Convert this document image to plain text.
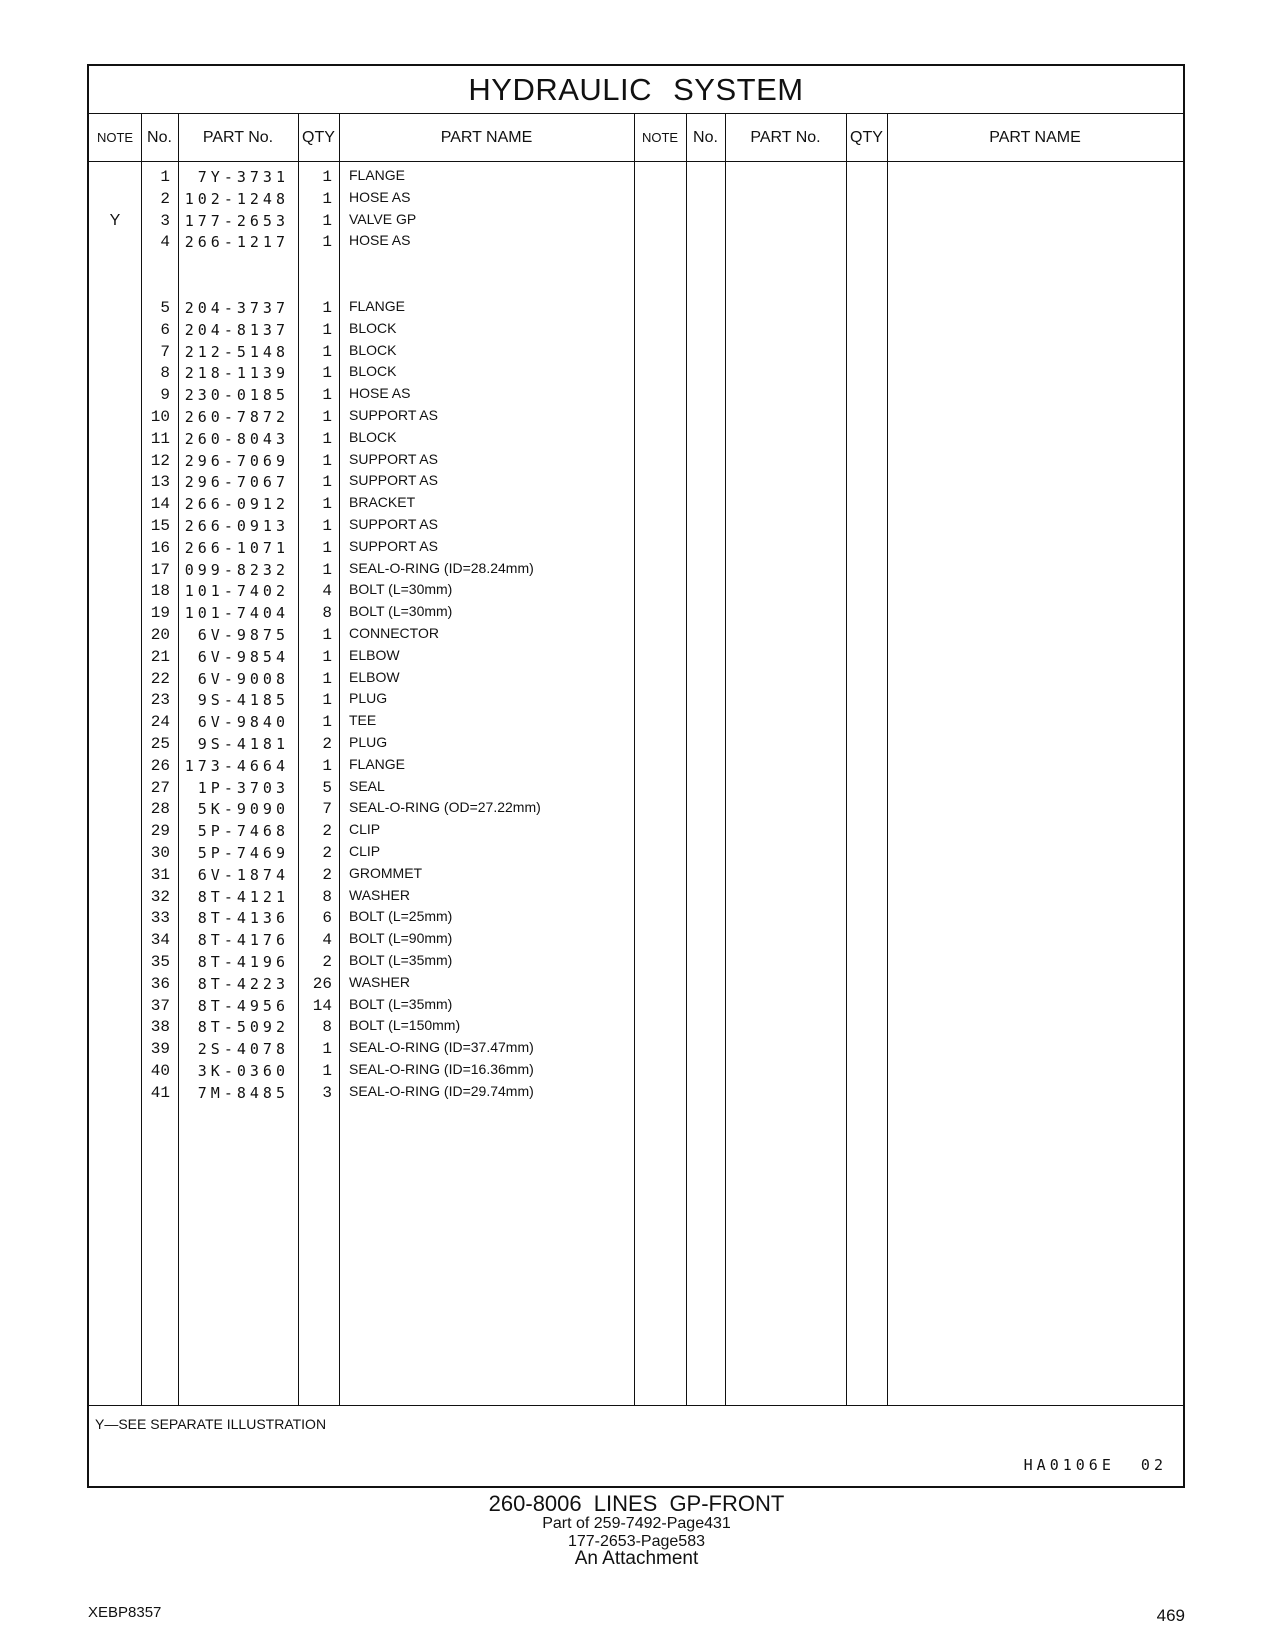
HYDRAULIC SYSTEM
NOTE No.	PART No.	QTY	PART NAME	NOTE No.	PART No.	QTY	PART NAME
1	7Y-3731	1 FLANGE
2 102-1248	1 HOSE AS
Y	3 177-2653	1 VALVE GP
4 266-1217	1 HOSE AS
5 204-3737	1 FLANGE
6 204-8137	1 BLOCK
7 212-5148	1 BLOCK
8 218-1139	1 BLOCK
9 230-0185	1 HOSE AS
10 260-7872	1 SUPPORT AS
11 260-8043	1 BLOCK
12 296-7069	1 SUPPORT AS
13 296-7067	1 SUPPORT AS
14 266-0912	1 BRACKET
15 266-0913	1 SUPPORT AS
16 266-1071	1 SUPPORT AS
17 099-8232	1 SEAL-O-RING (ID=28.24mm)
18 101-7402	4 BOLT (L=30mm)
19 101-7404	8 BOLT (L=30mm)
20	6V-9875	1 CONNECTOR
21	6V-9854	1 ELBOW
22	6V-9008	1 ELBOW
23	9S-4185	1 PLUG
24	6V-9840	1 TEE
25	9S-4181	2 PLUG
26 173-4664	1 FLANGE
27	1P-3703	5 SEAL
28	5K-9090	7 SEAL-O-RING (OD=27.22mm)
29	5P-7468	2 CLIP
30	5P-7469	2 CLIP
31	6V-1874	2 GROMMET
32	8T-4121	8 WASHER
33	8T-4136	6 BOLT (L=25mm)
34	8T-4176	4 BOLT (L=90mm)
35	8T-4196	2 BOLT (L=35mm)
36	8T-4223	26 WASHER
37	8T-4956	14 BOLT (L=35mm)
38	8T-5092	8 BOLT (L=150mm)
39	2S-4078	1 SEAL-O-RING (ID=37.47mm)
40	3K-0360	1 SEAL-O-RING (ID=16.36mm)
41	7M-8485	3 SEAL-O-RING (ID=29.74mm)
Y—SEE SEPARATE ILLUSTRATION
HA0106E  02
260-8006 LINES GP-FRONT
Part of 259-7492-Page431
177-2653-Page583
An Attachment
XEBP8357	469
